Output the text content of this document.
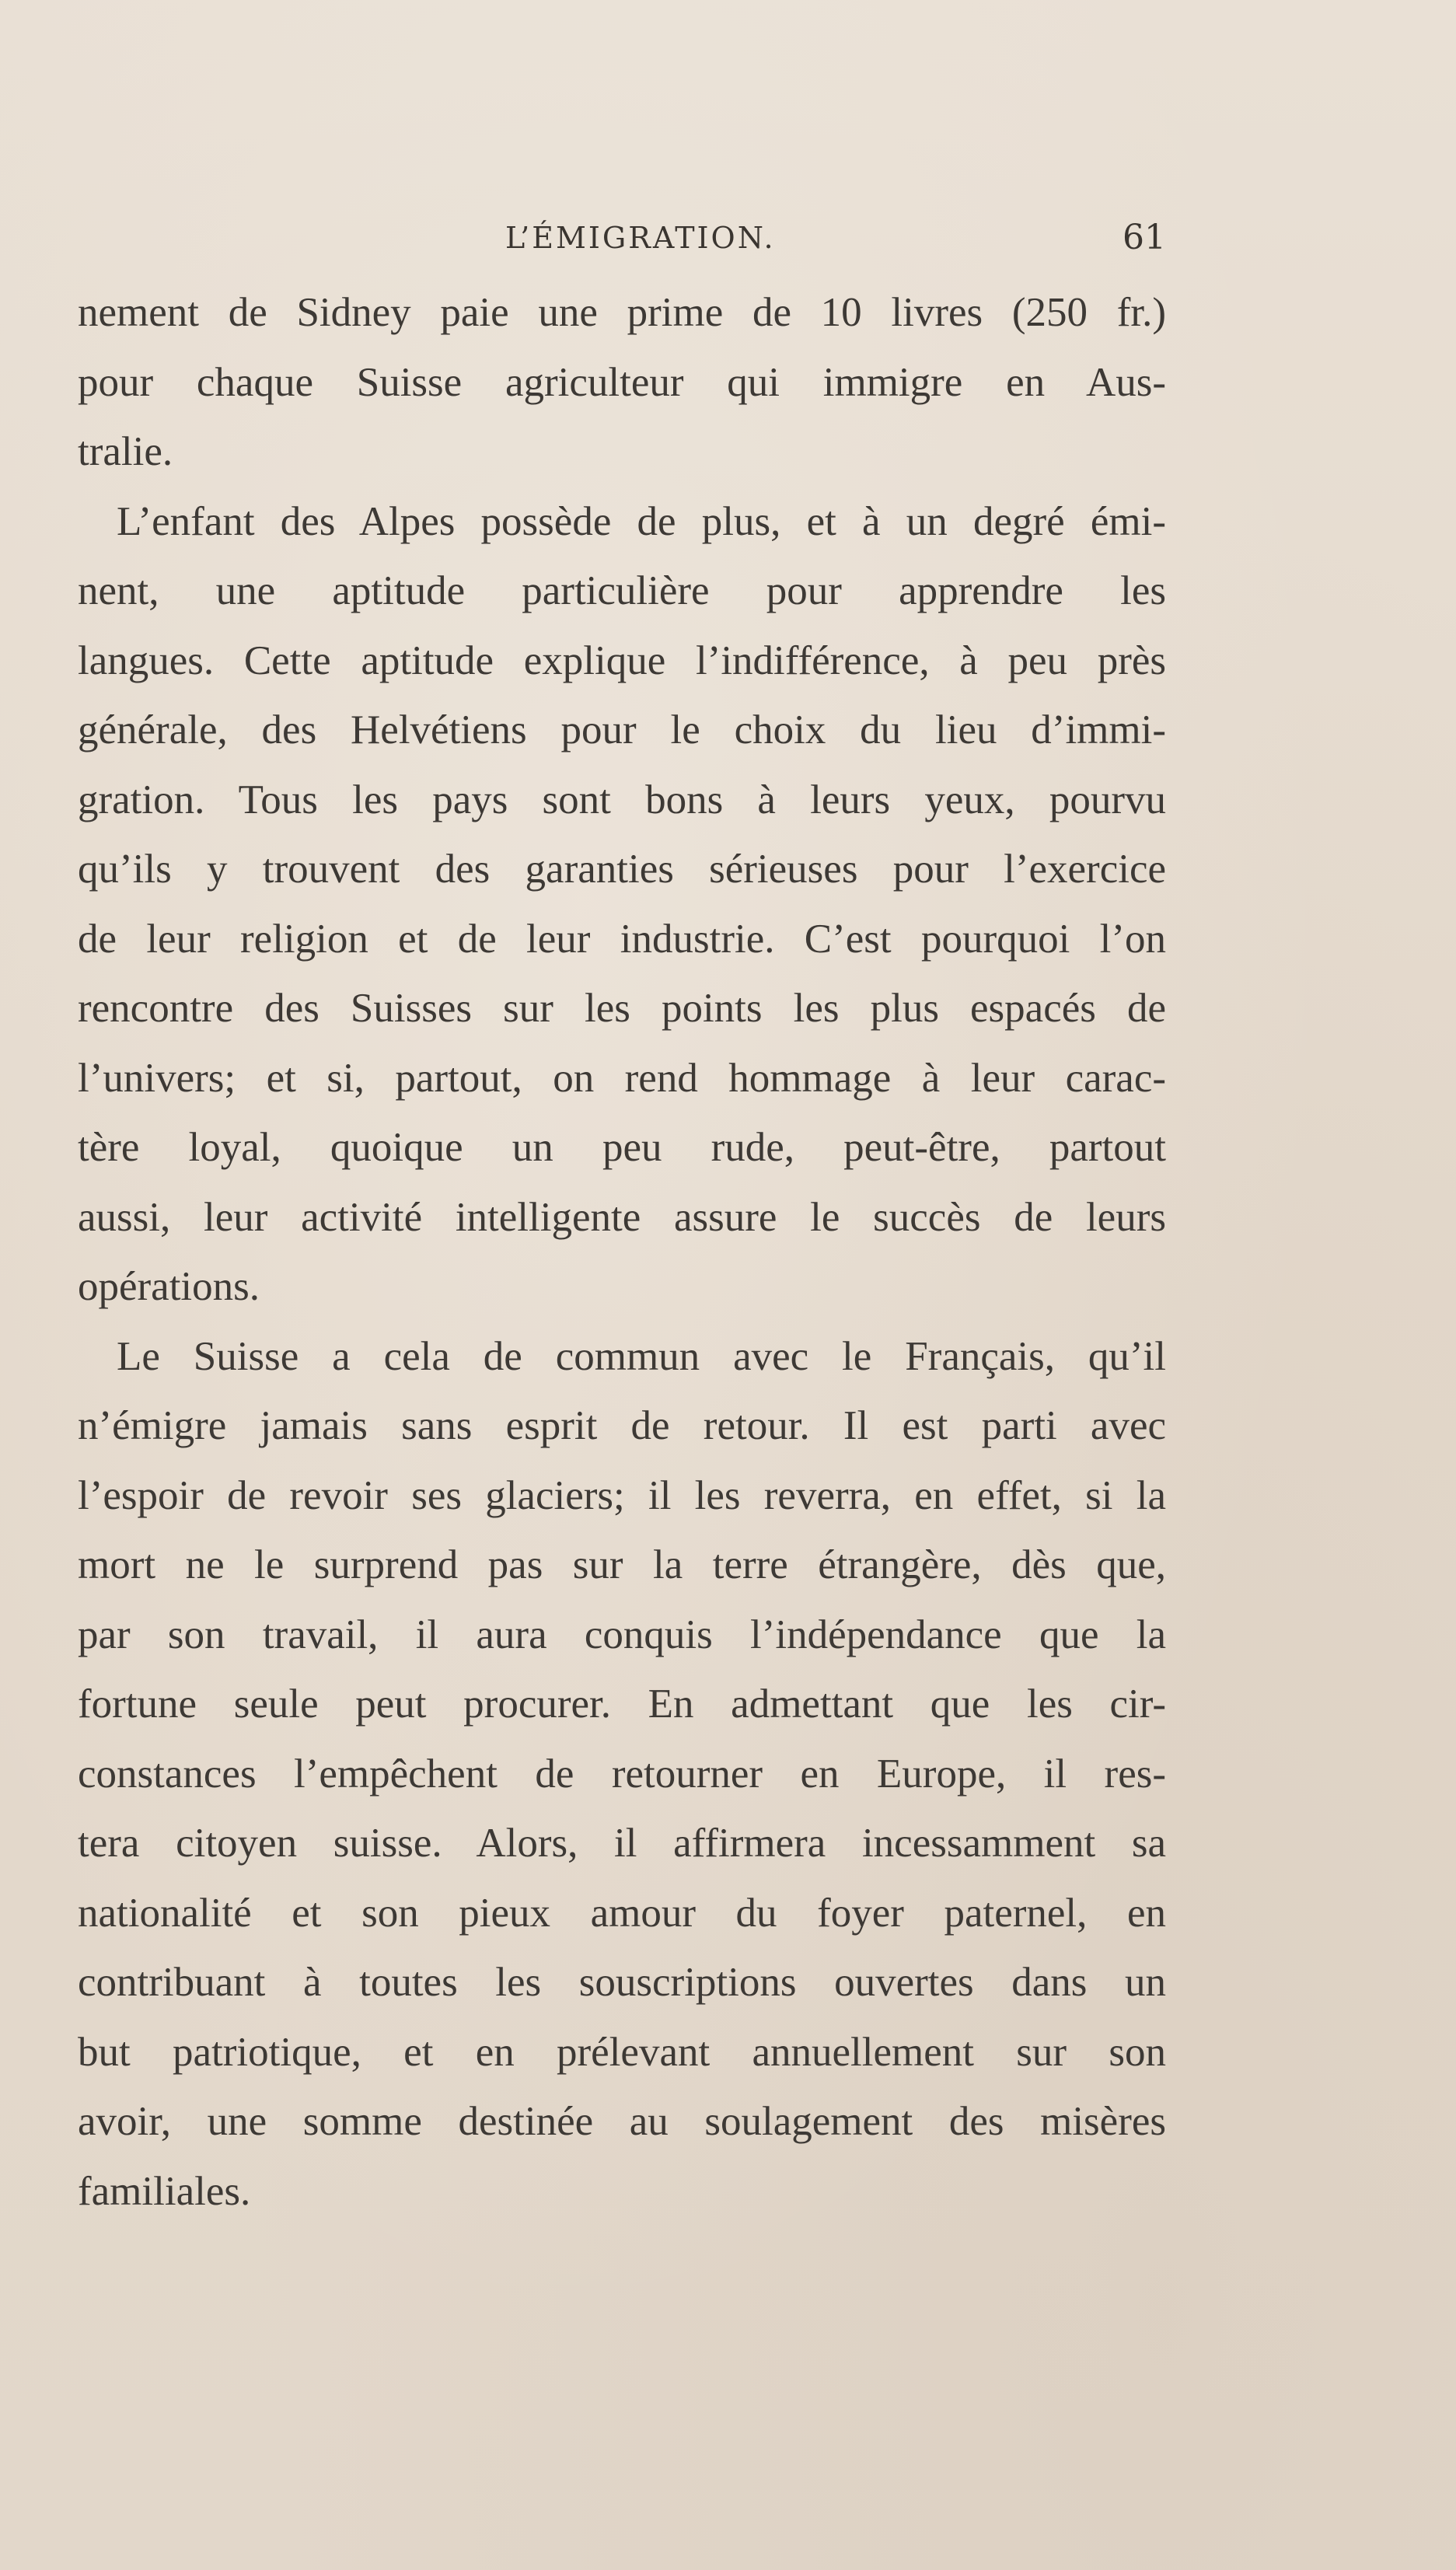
L’ÉMIGRATION.	61
nement de Sidney paie une prime de 10 livres (250 fr.)
pour chaque Suisse agriculteur qui immigre en Aus-
tralie.
L’enfant des Alpes possède de plus, et à un degré émi-
nent, une aptitude particulière pour apprendre les
langues. Cette aptitude explique l’indifférence, à peu près
générale, des Helvétiens pour le choix du lieu d’immi-
gration. Tous les pays sont bons à leurs yeux, pourvu
qu’ils y trouvent des garanties sérieuses pour l’exercice
de leur religion et de leur industrie. C’est pourquoi l’on
rencontre des Suisses sur les points les plus espacés de
l’univers; et si, partout, on rend hommage à leur carac-
tère loyal, quoique un peu rude, peut-être, partout
aussi, leur activité intelligente assure le succès de leurs
opérations.
Le Suisse a cela de commun avec le Français, qu’il
n’émigre jamais sans esprit de retour. Il est parti avec
l’espoir de revoir ses glaciers; il les reverra, en effet, si la
mort ne le surprend pas sur la terre étrangère, dès que,
par son travail, il aura conquis l’indépendance que la
fortune seule peut procurer. En admettant que les cir-
constances l’empêchent de retourner en Europe, il res-
tera citoyen suisse. Alors, il affirmera incessamment sa
nationalité et son pieux amour du foyer paternel, en
contribuant à toutes les souscriptions ouvertes dans un
but patriotique, et en prélevant annuellement sur son
avoir, une somme destinée au soulagement des misères
familiales.
